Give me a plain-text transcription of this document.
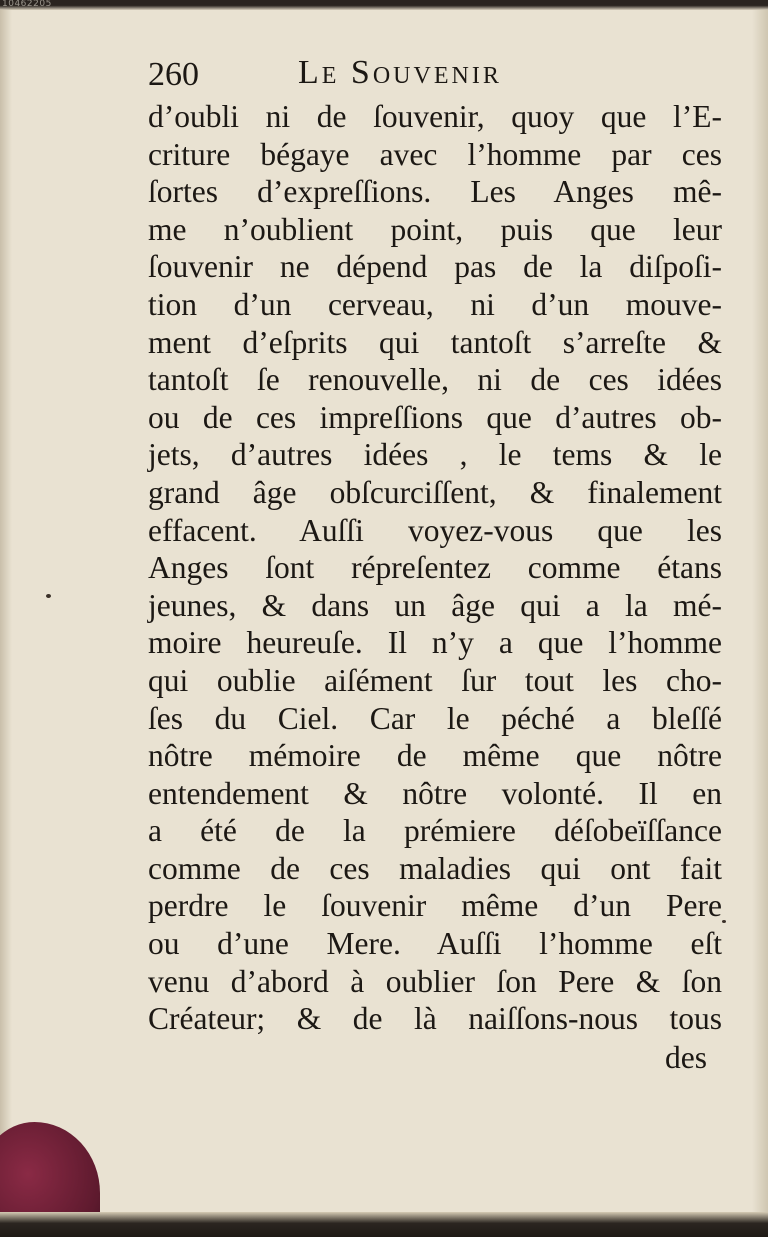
10462205
260	Le Souvenir
d’oubli ni de ſouvenir, quoy que l’E-
criture bégaye avec l’homme par ces
ſortes d’expreſſions. Les Anges mê-
me n’oublient point, puis que leur
ſouvenir ne dépend pas de la diſpoſi-
tion d’un cerveau, ni d’un mouve-
ment d’eſprits qui tantoſt s’arreſte &
tantoſt ſe renouvelle, ni de ces idées
ou de ces impreſſions que d’autres ob-
jets, d’autres idées , le tems & le
grand âge obſcurciſſent, & finalement
effacent. Auſſi voyez-vous que les
Anges ſont répreſentez comme étans
jeunes, & dans un âge qui a la mé-
moire heureuſe. Il n’y a que l’homme
qui oublie aiſément ſur tout les cho-
ſes du Ciel. Car le péché a bleſſé
nôtre mémoire de même que nôtre
entendement & nôtre volonté. Il en
a été de la prémiere déſobeïſſance
comme de ces maladies qui ont fait
perdre le ſouvenir même d’un Pere
ou d’une Mere. Auſſi l’homme eſt
venu d’abord à oublier ſon Pere & ſon
Créateur; & de là naiſſons-nous tous
des
